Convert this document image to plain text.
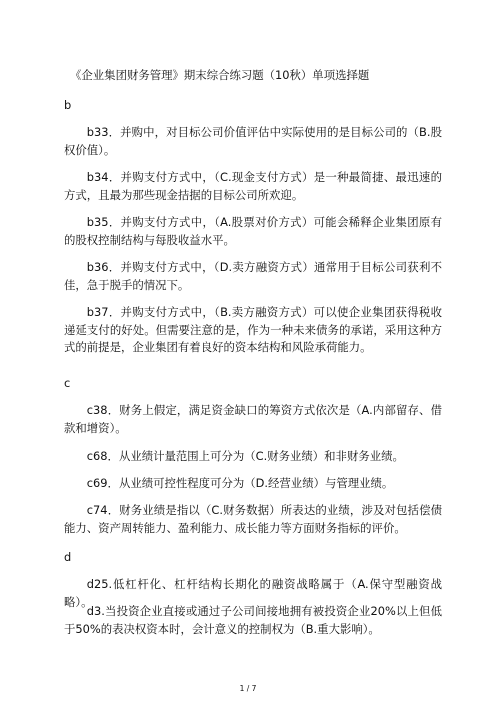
《企业集团财务管理》期末综合练习题（10秋）单项选择题
b
b33．并购中，对目标公司价值评估中实际使用的是目标公司的（B.股权价值）。
b34．并购支付方式中，（C.现金支付方式）是一种最简捷、最迅速的方式，且最为那些现金拮据的目标公司所欢迎。
b35．并购支付方式中，（A.股票对价方式）可能会稀释企业集团原有的股权控制结构与每股收益水平。
b36．并购支付方式中，（D.卖方融资方式）通常用于目标公司获利不佳，急于脱手的情况下。
b37．并购支付方式中，（B.卖方融资方式）可以使企业集团获得税收递延支付的好处。但需要注意的是，作为一种未来债务的承诺，采用这种方式的前提是，企业集团有着良好的资本结构和风险承荷能力。
c
c38．财务上假定，满足资金缺口的筹资方式依次是（A.内部留存、借款和增资）。
c68．从业绩计量范围上可分为（C.财务业绩）和非财务业绩。
c69．从业绩可控性程度可分为（D.经营业绩）与管理业绩。
c74．财务业绩是指以（C.财务数据）所表达的业绩，涉及对包括偿债能力、资产周转能力、盈利能力、成长能力等方面财务指标的评价。
d
d25.低杠杆化、杠杆结构长期化的融资战略属于（A.保守型融资战略）。
d3.当投资企业直接或通过子公司间接地拥有被投资企业20%以上但低于50%的表决权资本时，会计意义的控制权为（B.重大影响）。
1 / 7
